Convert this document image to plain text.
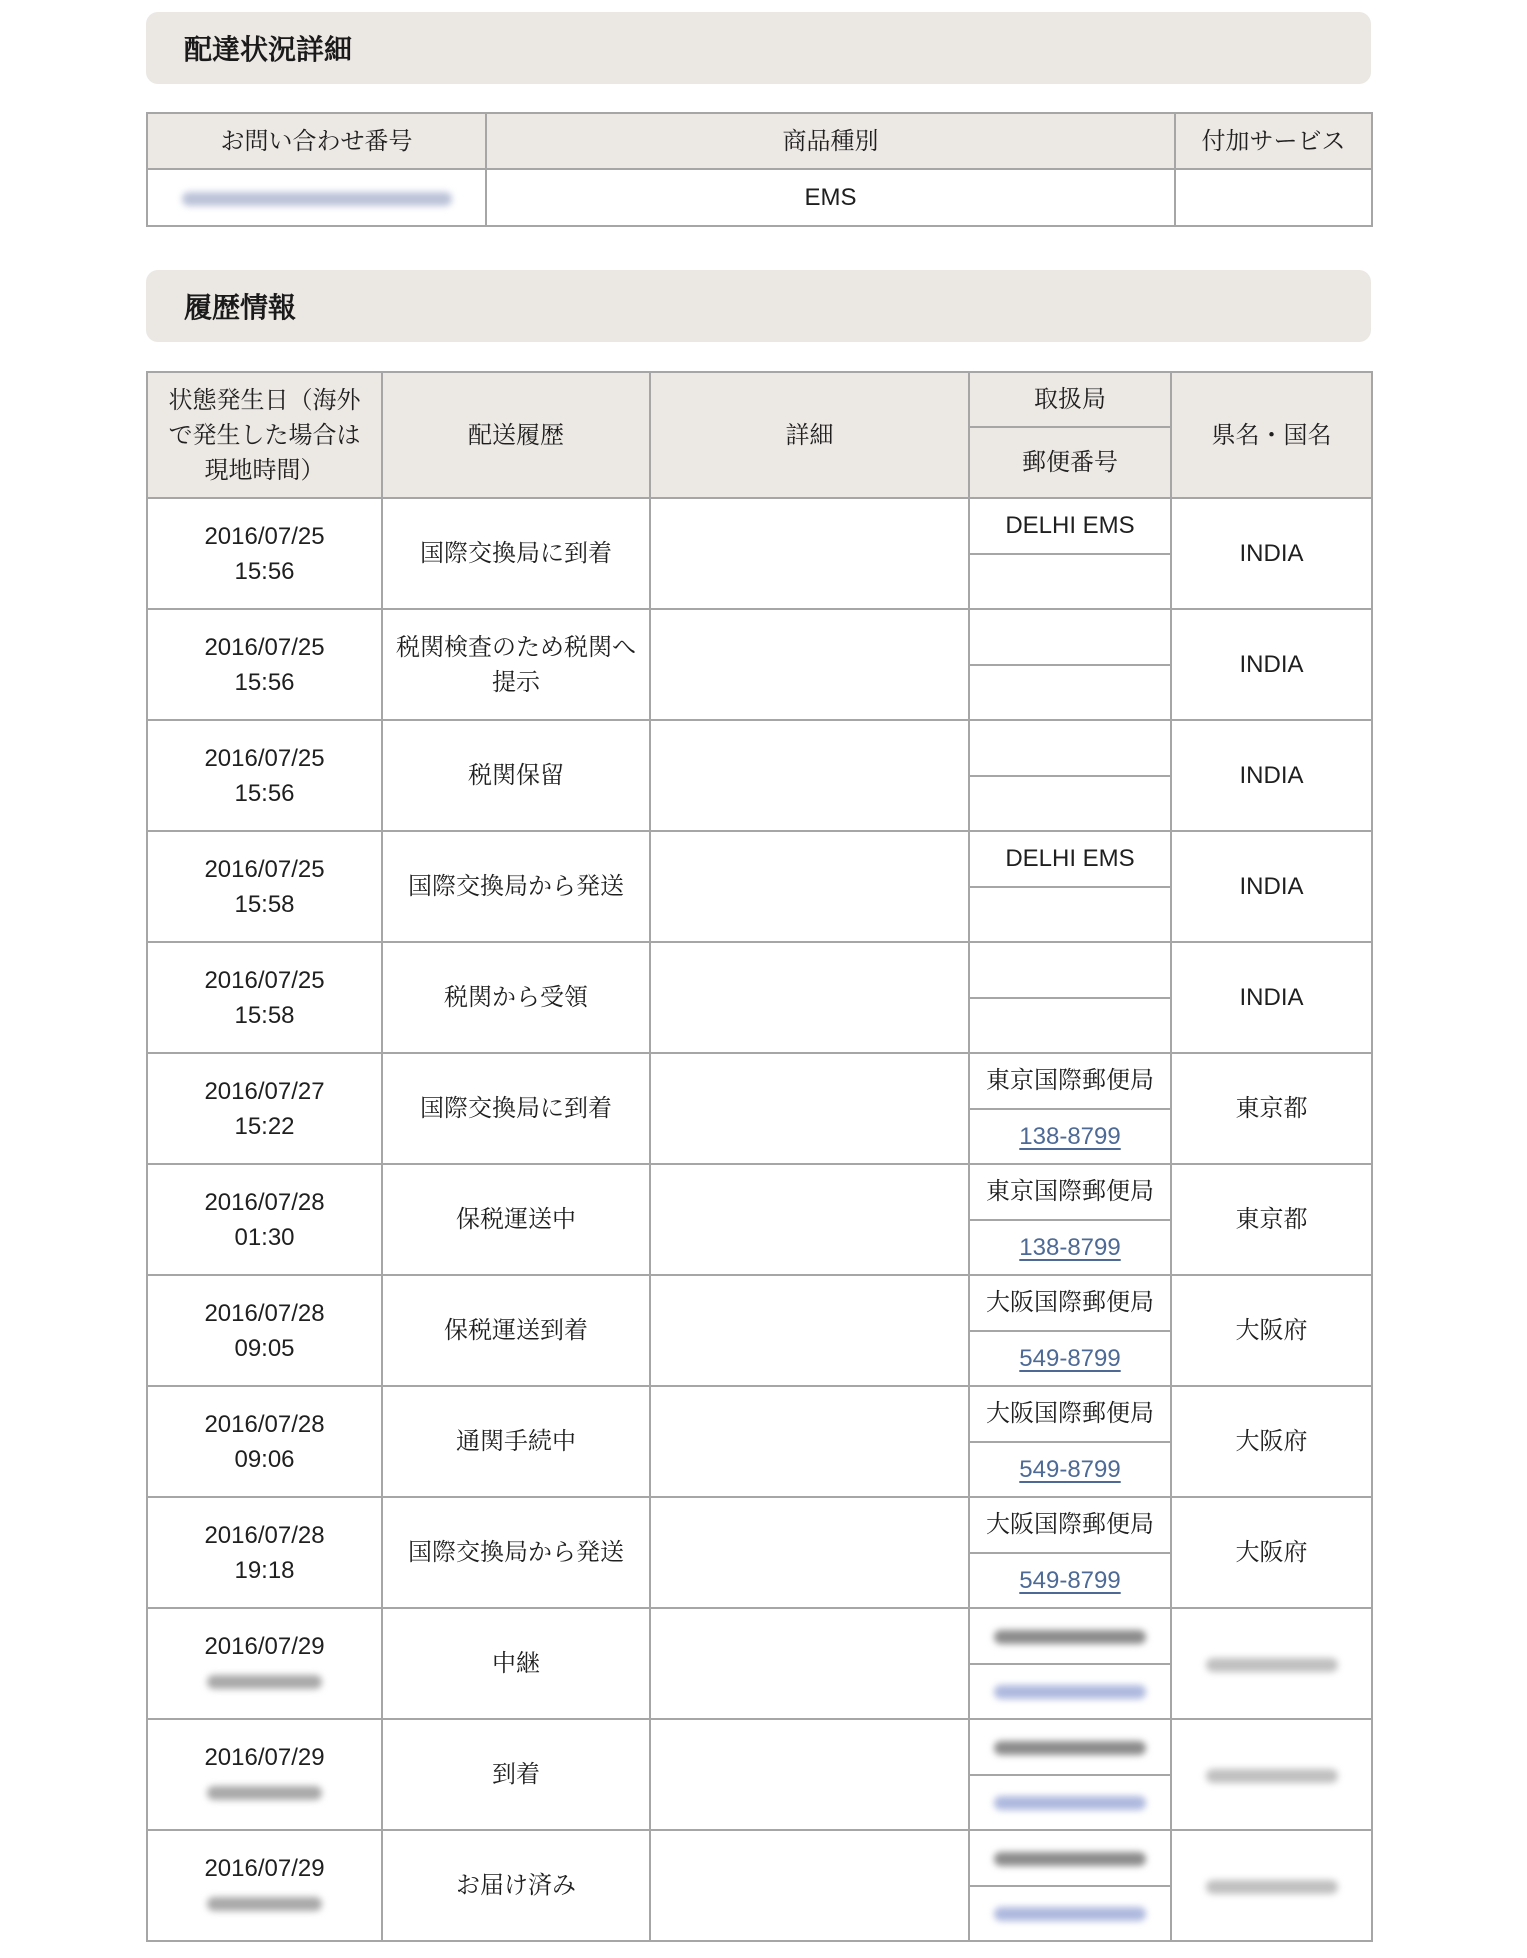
配達状況詳細
お問い合わせ番号	商品種別	付加サービス
	EMS	
履歴情報
状態発生日（海外で発生した場合は現地時間）	配送履歴	詳細	取扱局	県名・国名
			郵便番号	

2016/07/25
15:56	国際交換局に到着		DELHI EMS	INDIA

2016/07/25
15:56	税関検査のため税関へ提示			INDIA

2016/07/25
15:56	税関保留			INDIA

2016/07/25
15:58	国際交換局から発送		DELHI EMS	INDIA

2016/07/25
15:58	税関から受領			INDIA

2016/07/27
15:22	国際交換局に到着		東京国際郵便局	東京都
			138-8799	

2016/07/28
01:30	保税運送中		東京国際郵便局	東京都
			138-8799	

2016/07/28
09:05	保税運送到着		大阪国際郵便局	大阪府
			549-8799	

2016/07/28
09:06	通関手続中		大阪国際郵便局	大阪府
			549-8799	

2016/07/28
19:18	国際交換局から発送		大阪国際郵便局	大阪府
			549-8799	

2016/07/29	中継			

2016/07/29	到着			

2016/07/29	お届け済み			
